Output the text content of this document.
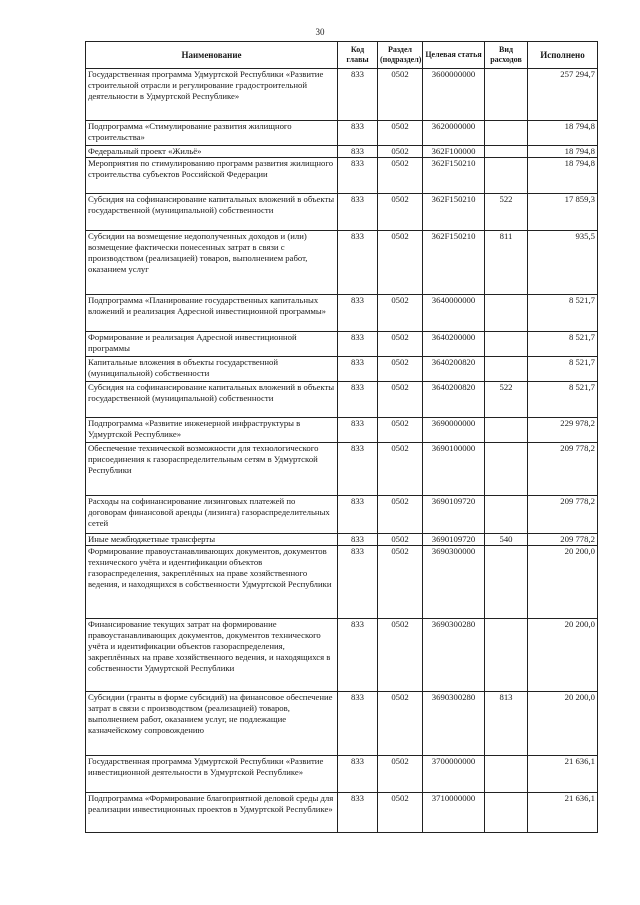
30
Наименование	Код главы	Раздел (подраздел)	Целевая статья	Вид расходов	Исполнено
Государственная программа Удмуртской Республики «Развитие строительной отрасли и регулирование градостроительной деятельности в Удмуртской Республике»	833	0502	3600000000		257 294,7
Подпрограмма «Стимулирование развития жилищного строительства»	833	0502	3620000000		18 794,8
Федеральный проект «Жильё»	833	0502	362F100000		18 794,8
Мероприятия по стимулированию программ развития жилищного строительства субъектов Российской Федерации	833	0502	362F150210		18 794,8
Субсидия на софинансирование капитальных вложений в объекты государственной (муниципальной) собственности	833	0502	362F150210	522	17 859,3
Субсидии на возмещение недополученных доходов и (или) возмещение фактически понесенных затрат в связи с производством (реализацией) товаров, выполнением работ, оказанием услуг	833	0502	362F150210	811	935,5
Подпрограмма «Планирование государственных капитальных вложений и реализация Адресной инвестиционной программы»	833	0502	3640000000		8 521,7
Формирование и реализация Адресной инвестиционной программы	833	0502	3640200000		8 521,7
Капитальные вложения в объекты государственной (муниципальной) собственности	833	0502	3640200820		8 521,7
Субсидия на софинансирование капитальных вложений в объекты государственной (муниципальной) собственности	833	0502	3640200820	522	8 521,7
Подпрограмма «Развитие инженерной инфраструктуры в Удмуртской Республике»	833	0502	3690000000		229 978,2
Обеспечение технической возможности для технологического присоединения к газораспределительным сетям в Удмуртской Республики	833	0502	3690100000		209 778,2
Расходы на софинансирование лизинговых платежей по договорам финансовой аренды (лизинга) газораспределительных сетей	833	0502	3690109720		209 778,2
Иные межбюджетные трансферты	833	0502	3690109720	540	209 778,2
Формирование правоустанавливающих документов, документов технического учёта и идентификации объектов газораспределения, закреплённых на праве хозяйственного ведения, и находящихся в собственности Удмуртской Республики	833	0502	3690300000		20 200,0
Финансирование текущих затрат на формирование правоустанавливающих документов, документов технического учёта и идентификации объектов газораспределения, закреплённых на праве хозяйственного ведения, и находящихся в собственности Удмуртской Республики	833	0502	3690300280		20 200,0
Субсидии (гранты в форме субсидий) на финансовое обеспечение затрат в связи с производством (реализацией) товаров, выполнением работ, оказанием услуг, не подлежащие казначейскому сопровождению	833	0502	3690300280	813	20 200,0
Государственная программа Удмуртской Республики «Развитие инвестиционной деятельности в Удмуртской Республике»	833	0502	3700000000		21 636,1
Подпрограмма «Формирование благоприятной деловой среды для реализации инвестиционных проектов в Удмуртской Республике»	833	0502	3710000000		21 636,1
